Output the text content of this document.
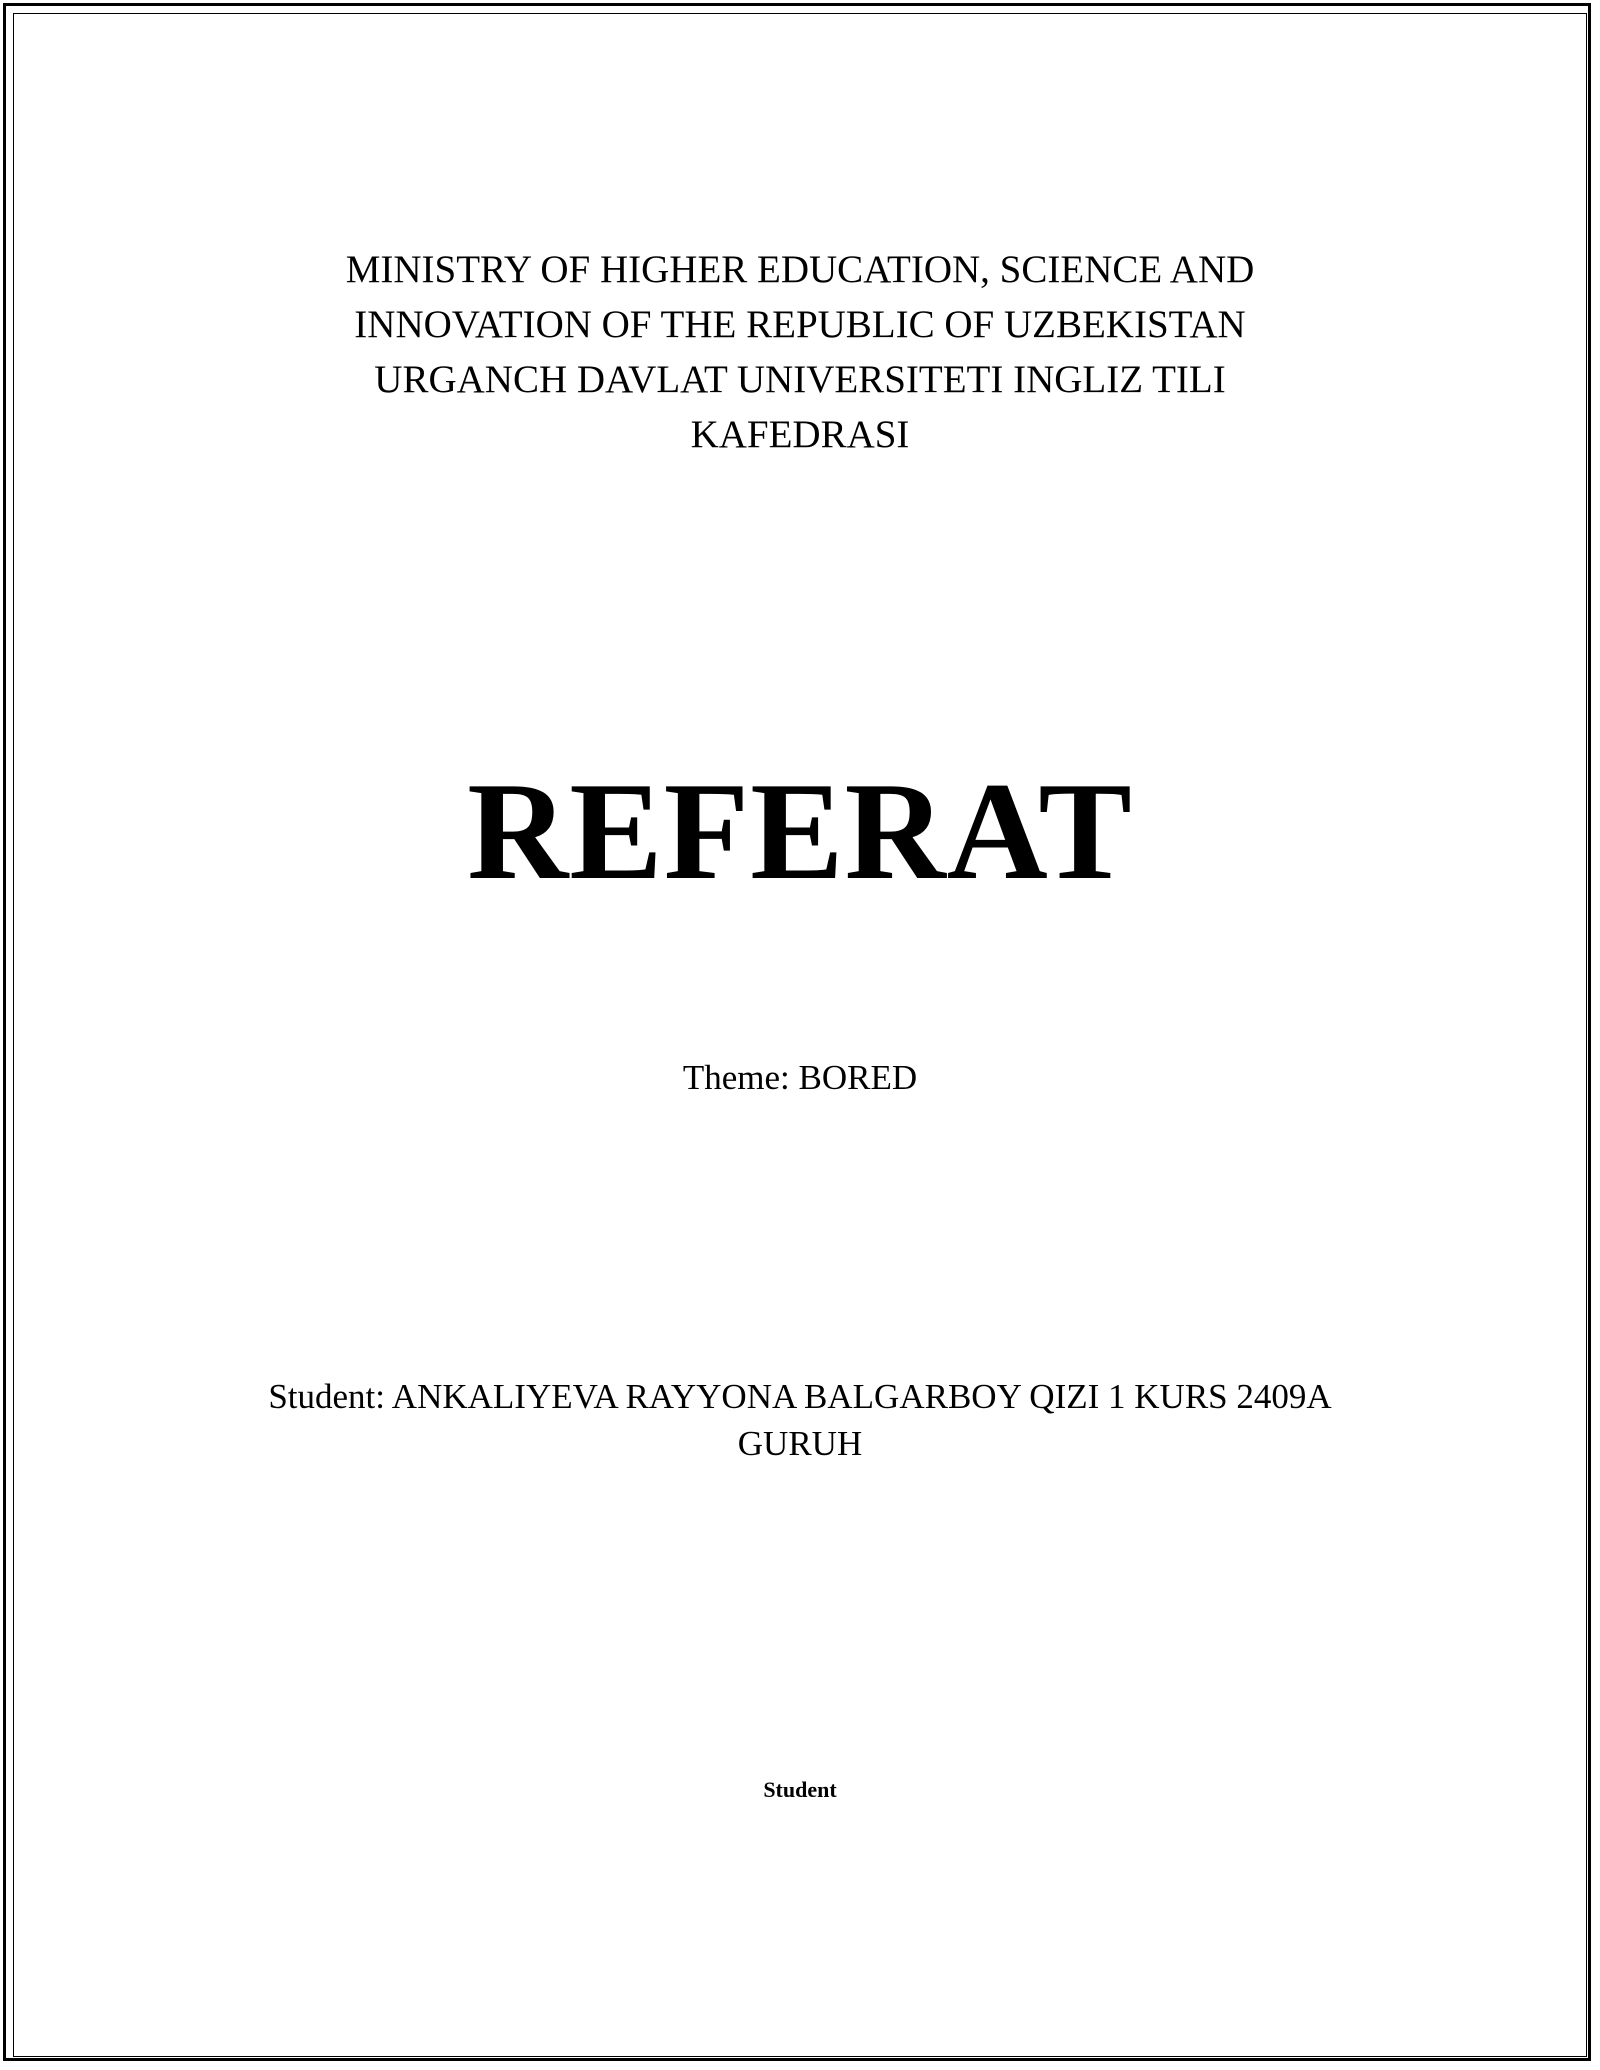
MINISTRY OF HIGHER EDUCATION, SCIENCE AND
INNOVATION OF THE REPUBLIC OF UZBEKISTAN
URGANCH DAVLAT UNIVERSITETI INGLIZ TILI
KAFEDRASI
REFERAT
Theme: BORED
Student: ANKALIYEVA RAYYONA BALGARBOY QIZI 1 KURS 2409A
GURUH
Student
